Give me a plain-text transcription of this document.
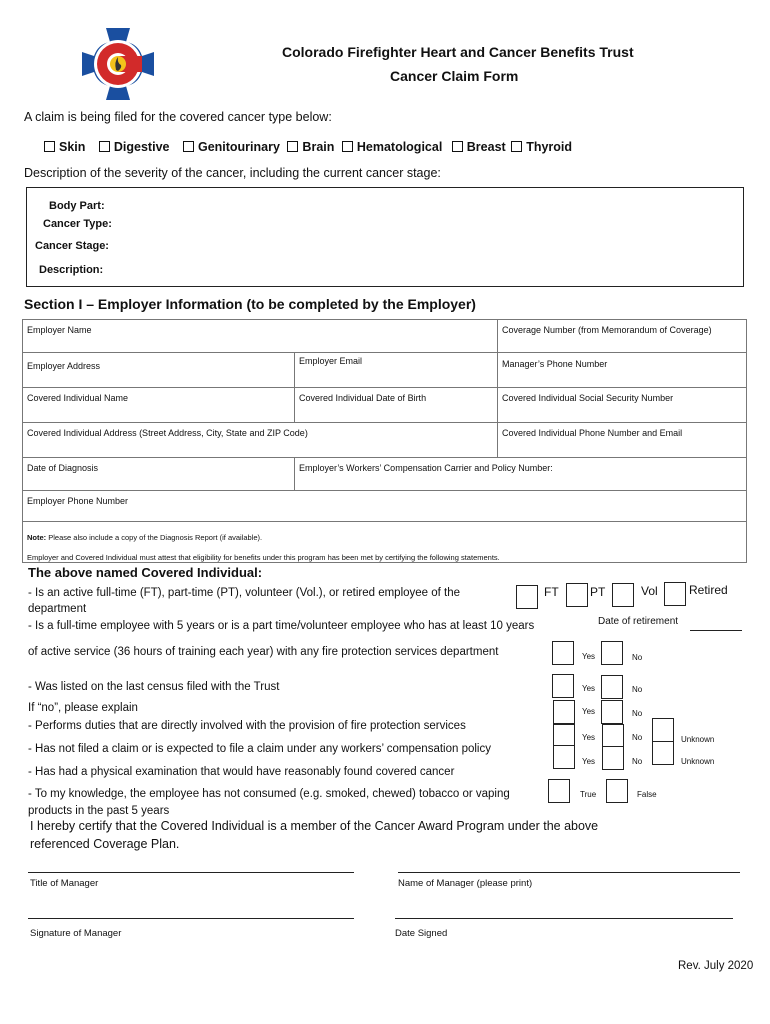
Colorado Firefighter Heart and Cancer Benefits Trust
Cancer Claim Form
A claim is being filed for the covered cancer type below:
Skin Digestive Genitourinary Brain Hematological Breast Thyroid
Description of the severity of the cancer, including the current cancer stage:
Body Part:
Cancer Type:
Cancer Stage:
Description:
Section I – Employer Information (to be completed by the Employer)
Employer Name	Coverage Number (from Memorandum of Coverage)
Employer Address	Employer Email	Manager’s Phone Number
Covered Individual Name	Covered Individual Date of Birth	Covered Individual Social Security Number
Covered Individual Address (Street Address, City, State and ZIP Code)	Covered Individual Phone Number and Email
Date of Diagnosis	Employer’s Workers’ Compensation Carrier and Policy Number:
Employer Phone Number
Note: Please also include a copy of the Diagnosis Report (if available).
Employer and Covered Individual must attest that eligibility for benefits under this program has been met by certifying the following statements.
The above named Covered Individual:
- Is an active full-time (FT), part-time (PT), volunteer (Vol.), or retired employee of the
department
FT	PT	Vol	Retired
- Is a full-time employee with 5 years or is a part time/volunteer employee who has at least 10 years	Date of retirement
of active service (36 hours of training each year) with any fire protection services department	Yes	No
- Was listed on the last census filed with the Trust	Yes	No
If “no”, please explain
- Performs duties that are directly involved with the provision of fire protection services
Yes	No
- Has not filed a claim or is expected to file a claim under any workers’ compensation policy
Yes	No	Unknown
- Has had a physical examination that would have reasonably found covered cancer
Yes	No	Unknown
- To my knowledge, the employee has not consumed (e.g. smoked, chewed) tobacco or vaping
products in the past 5 years
True	False
I hereby certify that the Covered Individual is a member of the Cancer Award Program under the above
referenced Coverage Plan.
Title of Manager	Name of Manager (please print)
Signature of Manager	Date Signed
Rev. July 2020
